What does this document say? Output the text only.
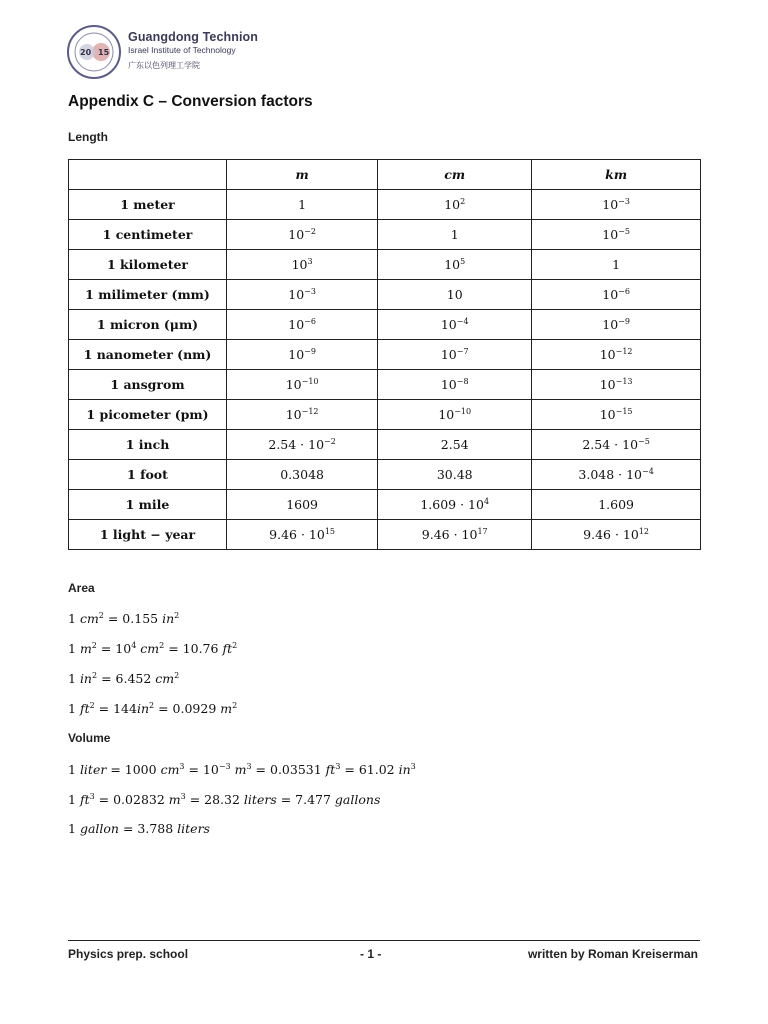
20 15
Guangdong Technion
Israel Institute of Technology
广东以色列理工学院
Appendix C – Conversion factors
Length
	m	cm	km
1 meter	1	$10^2$	$10^{-3}$
1 centimeter	$10^{-2}$	1	$10^{-5}$
1 kilometer	$10^3$	$10^5$	1
1 milimeter (mm)	$10^{-3}$	10	$10^{-6}$
1 micron (μm)	$10^{-6}$	$10^{-4}$	$10^{-9}$
1 nanometer (nm)	$10^{-9}$	$10^{-7}$	$10^{-12}$
1 ansgrom	$10^{-10}$	$10^{-8}$	$10^{-13}$
1 picometer (pm)	$10^{-12}$	$10^{-10}$	$10^{-15}$
1 inch	$2.54 \cdot 10^{-2}$	2.54	$2.54 \cdot 10^{-5}$
1 foot	0.3048	30.48	$3.048 \cdot 10^{-4}$
1 mile	1609	$1.609 \cdot 10^4$	1.609
1 light − year	$9.46 \cdot 10^{15}$	$9.46 \cdot 10^{17}$	$9.46 \cdot 10^{12}$
Area
1 $cm^2 = 0.155$ $in^2$
1 $m^2 = 10^4$ $cm^2 = 10.76$ $ft^2$
1 $in^2 = 6.452$ $cm^2$
1 $ft^2 = 144in^2 = 0.0929$ $m^2$
Volume
1 liter = 1000 $cm^3 = 10^{-3}$ $m^3 = 0.03531$ $ft^3 = 61.02$ $in^3$
1 $ft^3 = 0.02832$ $m^3 = 28.32$ liters = 7.477 gallons
1 gallon = 3.788 liters
Physics prep. school	- 1 -	written by Roman Kreiserman
